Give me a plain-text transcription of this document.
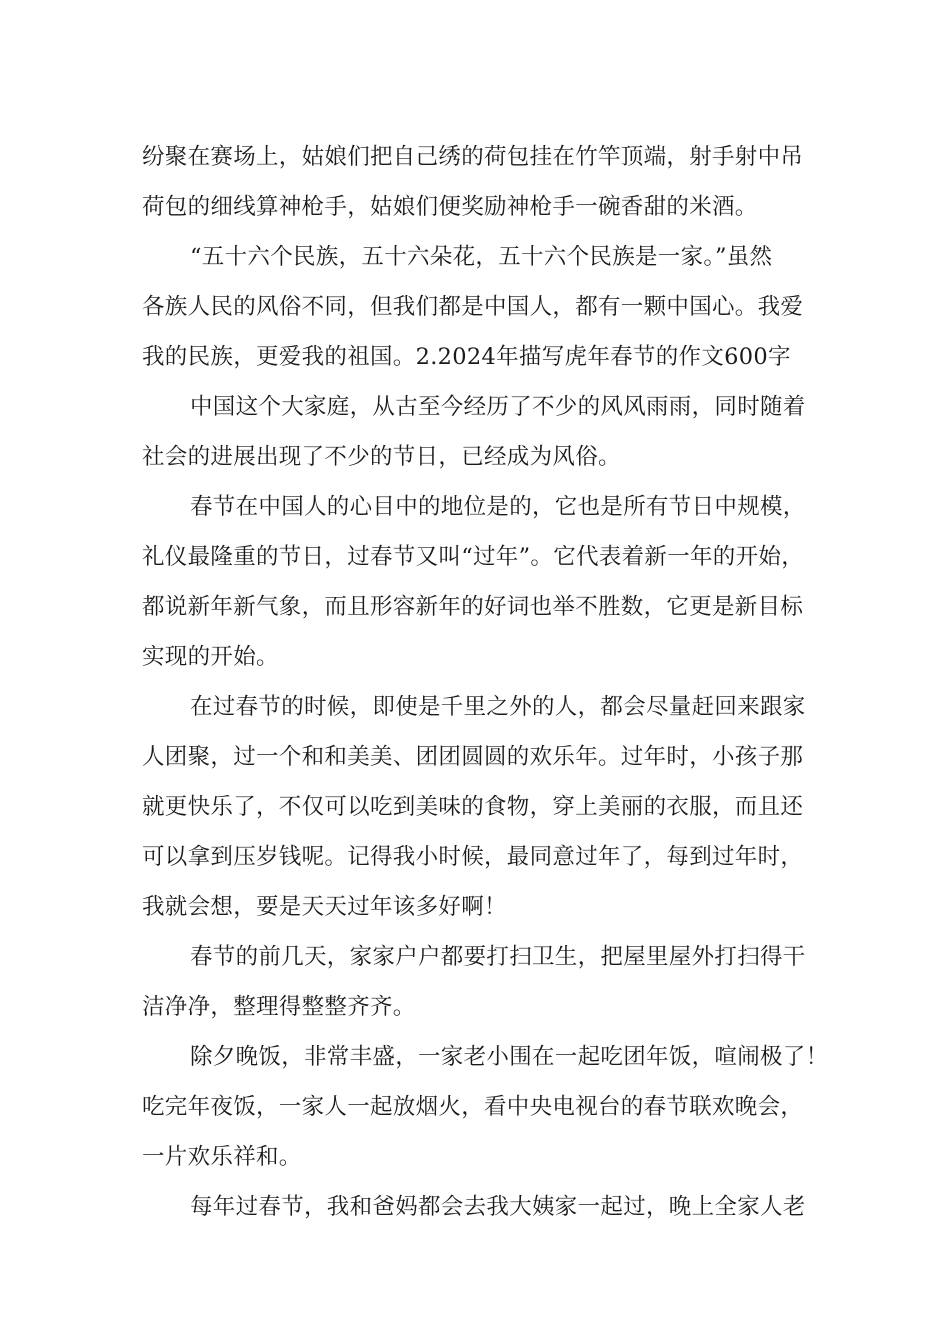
纷聚在赛场上，姑娘们把自己绣的荷包挂在竹竿顶端，射手射中吊
荷包的细线算神枪手，姑娘们便奖励神枪手一碗香甜的米酒。

“五十六个民族，五十六朵花，五十六个民族是一家。”虽然
各族人民的风俗不同，但我们都是中国人，都有一颗中国心。我爱
我的民族，更爱我的祖国。2.2024年描写虎年春节的作文600字

中国这个大家庭，从古至今经历了不少的风风雨雨，同时随着
社会的进展出现了不少的节日，已经成为风俗。

春节在中国人的心目中的地位是的，它也是所有节日中规模，
礼仪最隆重的节日，过春节又叫“过年”。它代表着新一年的开始，
都说新年新气象，而且形容新年的好词也举不胜数，它更是新目标
实现的开始。

在过春节的时候，即使是千里之外的人，都会尽量赶回来跟家
人团聚，过一个和和美美、团团圆圆的欢乐年。过年时，小孩子那
就更快乐了，不仅可以吃到美味的食物，穿上美丽的衣服，而且还
可以拿到压岁钱呢。记得我小时候，最同意过年了，每到过年时，
我就会想，要是天天过年该多好啊！

春节的前几天，家家户户都要打扫卫生，把屋里屋外打扫得干
洁净净，整理得整整齐齐。

除夕晚饭，非常丰盛，一家老小围在一起吃团年饭，喧闹极了！
吃完年夜饭，一家人一起放烟火，看中央电视台的春节联欢晚会，
一片欢乐祥和。

每年过春节，我和爸妈都会去我大姨家一起过，晚上全家人老
